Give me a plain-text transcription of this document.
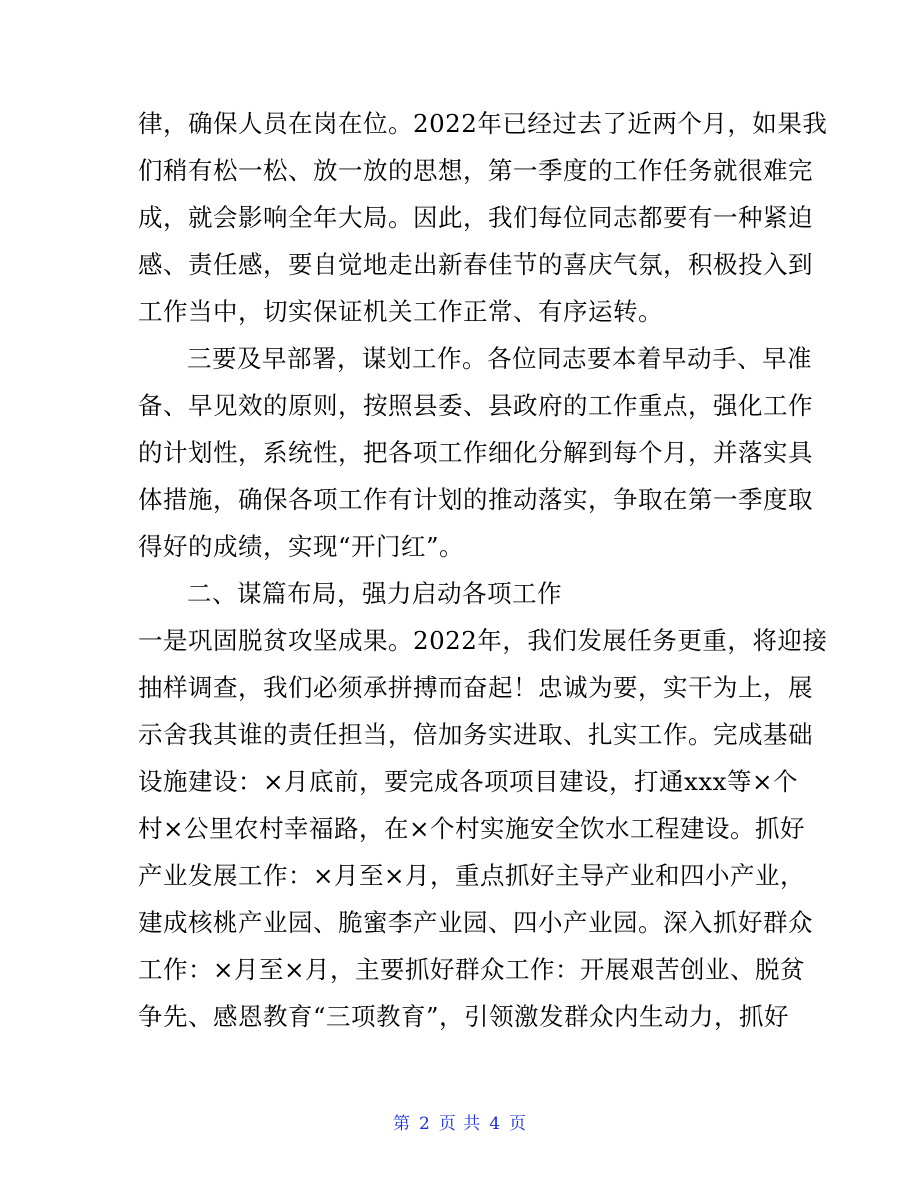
律，确保人员在岗在位。2022年已经过去了近两个月，如果我
们稍有松一松、放一放的思想，第一季度的工作任务就很难完
成，就会影响全年大局。因此，我们每位同志都要有一种紧迫
感、责任感，要自觉地走出新春佳节的喜庆气氛，积极投入到
工作当中，切实保证机关工作正常、有序运转。
三要及早部署，谋划工作。各位同志要本着早动手、早准
备、早见效的原则，按照县委、县政府的工作重点，强化工作
的计划性，系统性，把各项工作细化分解到每个月，并落实具
体措施，确保各项工作有计划的推动落实，争取在第一季度取
得好的成绩，实现“开门红”。
二、谋篇布局，强力启动各项工作
一是巩固脱贫攻坚成果。2022年，我们发展任务更重，将迎接
抽样调查，我们必须承拼搏而奋起！忠诚为要，实干为上，展
示舍我其谁的责任担当，倍加务实进取、扎实工作。完成基础
设施建设：×月底前，要完成各项项目建设，打通xxx等×个
村×公里农村幸福路，在×个村实施安全饮水工程建设。抓好
产业发展工作：×月至×月，重点抓好主导产业和四小产业，
建成核桃产业园、脆蜜李产业园、四小产业园。深入抓好群众
工作：×月至×月，主要抓好群众工作：开展艰苦创业、脱贫
争先、感恩教育“三项教育”，引领激发群众内生动力，抓好
第 2 页 共 4 页
